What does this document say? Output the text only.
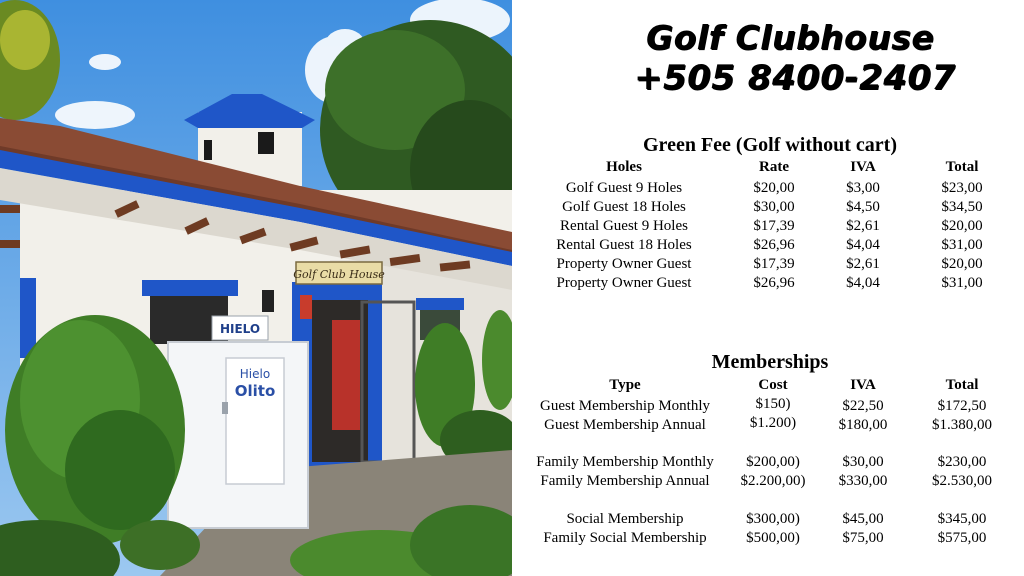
Golf Club House
Hielo
Olito
HIELO
Golf Clubhouse
+505 8400-2407
Green Fee (Golf without cart)
Holes	Rate	IVA	Total
Golf Guest 9 Holes	$20,00	$3,00	$23,00
Golf Guest 18 Holes	$30,00	$4,50	$34,50
Rental Guest 9 Holes	$17,39	$2,61	$20,00
Rental Guest 18 Holes	$26,96	$4,04	$31,00
Property Owner Guest	$17,39	$2,61	$20,00
Property Owner Guest	$26,96	$4,04	$31,00
Memberships
Type	Cost	IVA	Total
Guest Membership Monthly	$150)	$22,50	$172,50
Guest Membership Annual	$1.200)	$180,00	$1.380,00
Family Membership Monthly	$200,00)	$30,00	$230,00
Family Membership Annual	$2.200,00)	$330,00	$2.530,00
Social Membership	$300,00)	$45,00	$345,00
Family Social Membership	$500,00)	$75,00	$575,00
